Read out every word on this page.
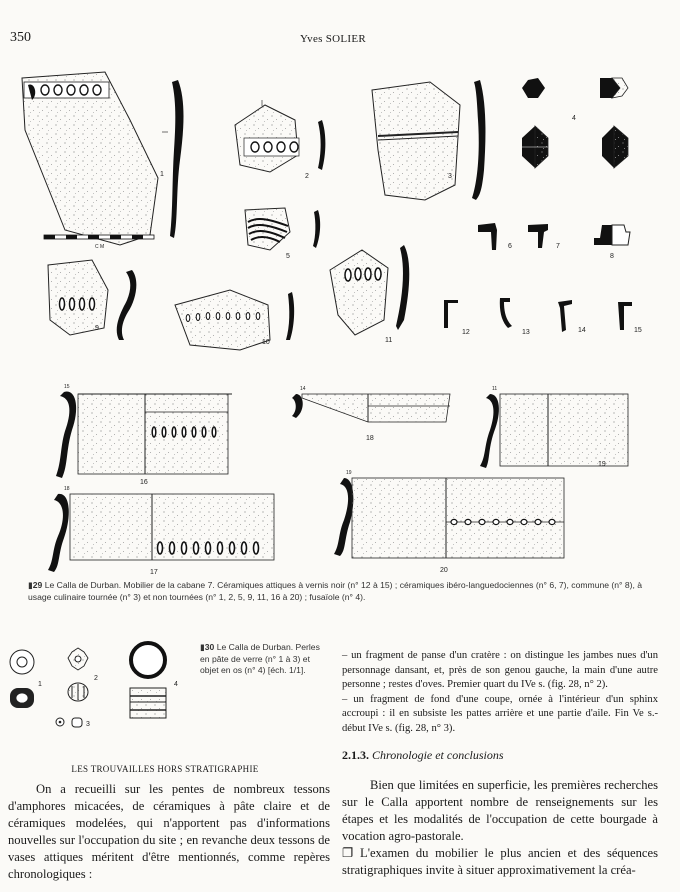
350	Yves SOLIER
1
C M
2	3
4
5
6	7
8
9
10	11
12	13	14	15
15
16
14
18
11
19
18
17
19
20
▮29 Le Calla de Durban. Mobilier de la cabane 7. Céramiques attiques à vernis noir (n° 12 à 15) ; céramiques ibéro-languedociennes (n° 6, 7), commune (n° 8), à usage culinaire tournée (n° 3) et non tournées (n° 1, 2, 5, 9, 11, 16 à 20) ; fusaïole (n° 4).
1
2
3
4
▮30 Le Calla de Durban. Perles en pâte de verre (n° 1 à 3) et objet en os (n° 4) [éch. 1/1].

– un fragment de panse d'un cratère : on distingue les jambes nues d'un personnage dansant, et, près de son genou gauche, la main d'une autre personne ; restes d'oves. Premier quart du IVe s. (fig. 28, n° 2).

– un fragment de fond d'une coupe, ornée à l'intérieur d'un sphinx accroupi : il en subsiste les pattes arrière et une partie d'aile. Fin Ve s.-début IVe s. (fig. 28, n° 3).

2.1.3. Chronologie et conclusions

Bien que limitées en superficie, les premières recherches sur le Calla apportent nombre de renseignements sur les étapes et les modalités de l'occupation de cette bourgade à vocation agro-pastorale.

❐ L'examen du mobilier le plus ancien et des séquences stratigraphiques invite à situer approximativement la créa-

LES TROUVAILLES HORS STRATIGRAPHIE

On a recueilli sur les pentes de nombreux tessons d'amphores micacées, de céramiques à pâte claire et de céramiques modelées, qui n'apportent pas d'informations nouvelles sur l'occupation du site ; en revanche deux tessons de vases attiques méritent d'être mentionnés, comme repères chronologiques :
